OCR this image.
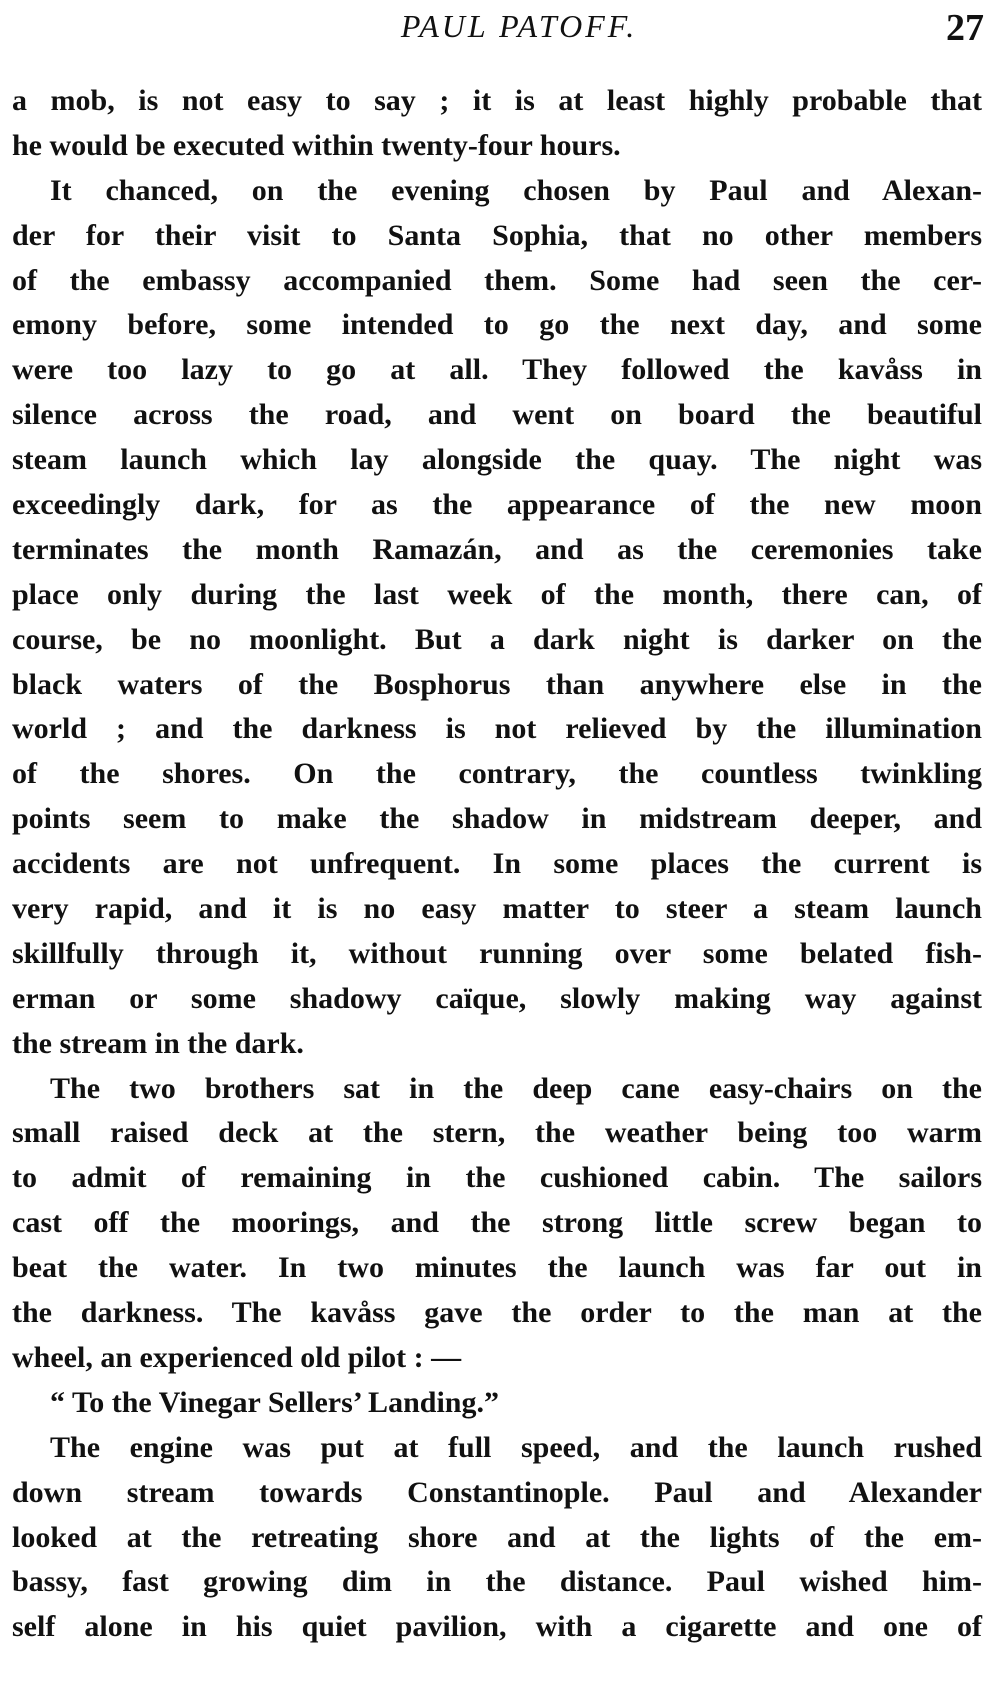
PAUL PATOFF.	27
a mob, is not easy to say ; it is at least highly probable that
he would be executed within twenty-four hours.
It chanced, on the evening chosen by Paul and Alexan-
der for their visit to Santa Sophia, that no other members
of the embassy accompanied them. Some had seen the cer-
emony before, some intended to go the next day, and some
were too lazy to go at all. They followed the kavåss in
silence across the road, and went on board the beautiful
steam launch which lay alongside the quay. The night was
exceedingly dark, for as the appearance of the new moon
terminates the month Ramazán, and as the ceremonies take
place only during the last week of the month, there can, of
course, be no moonlight. But a dark night is darker on the
black waters of the Bosphorus than anywhere else in the
world ; and the darkness is not relieved by the illumination
of the shores. On the contrary, the countless twinkling
points seem to make the shadow in midstream deeper, and
accidents are not unfrequent. In some places the current is
very rapid, and it is no easy matter to steer a steam launch
skillfully through it, without running over some belated fish-
erman or some shadowy caïque, slowly making way against
the stream in the dark.
The two brothers sat in the deep cane easy-chairs on the
small raised deck at the stern, the weather being too warm
to admit of remaining in the cushioned cabin. The sailors
cast off the moorings, and the strong little screw began to
beat the water. In two minutes the launch was far out in
the darkness. The kavåss gave the order to the man at the
wheel, an experienced old pilot : —
“ To the Vinegar Sellers’ Landing.”
The engine was put at full speed, and the launch rushed
down stream towards Constantinople. Paul and Alexander
looked at the retreating shore and at the lights of the em-
bassy, fast growing dim in the distance. Paul wished him-
self alone in his quiet pavilion, with a cigarette and one of
